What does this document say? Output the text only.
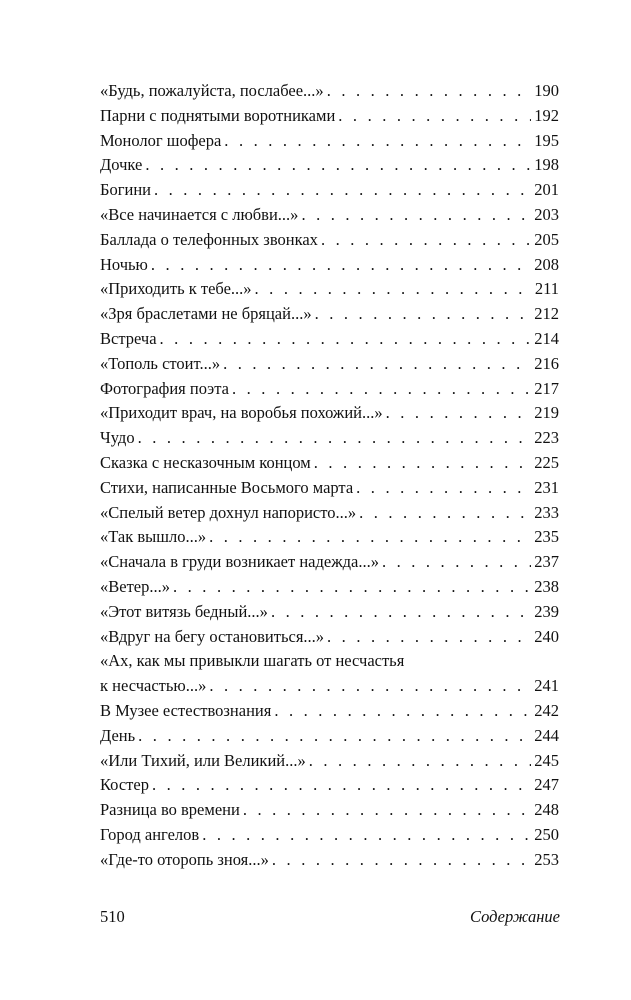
«Будь, пожалуйста, послабее...» . . .	190
Парни с поднятыми воротниками . . .	192
Монолог шофера . . .	195
Дочке . . .	198
Богини . . .	201
«Все начинается с любви...» . . .	203
Баллада о телефонных звонках . . .	205
Ночью . . .	208
«Приходить к тебе...» . . .	211
«Зря браслетами не бряцай...» . . .	212
Встреча . . .	214
«Тополь стоит...» . . .	216
Фотография поэта . . .	217
«Приходит врач, на воробья похожий...» . . .	219
Чудо . . .	223
Сказка с несказочным концом . . .	225
Стихи, написанные Восьмого марта . . .	231
«Спелый ветер дохнул напористо...» . . .	233
«Так вышло...» . . .	235
«Сначала в груди возникает надежда...» . . .	237
«Ветер...» . . .	238
«Этот витязь бедный...» . . .	239
«Вдруг на бегу остановиться...» . . .	240
«Ах, как мы привыкли шагать от несчастья
к несчастью...» . . .	241
В Музее естествознания . . .	242
День . . .	244
«Или Тихий, или Великий...» . . .	245
Костер . . .	247
Разница во времени . . .	248
Город ангелов . . .	250
«Где-то оторопь зноя...» . . .	253
510	Содержание
